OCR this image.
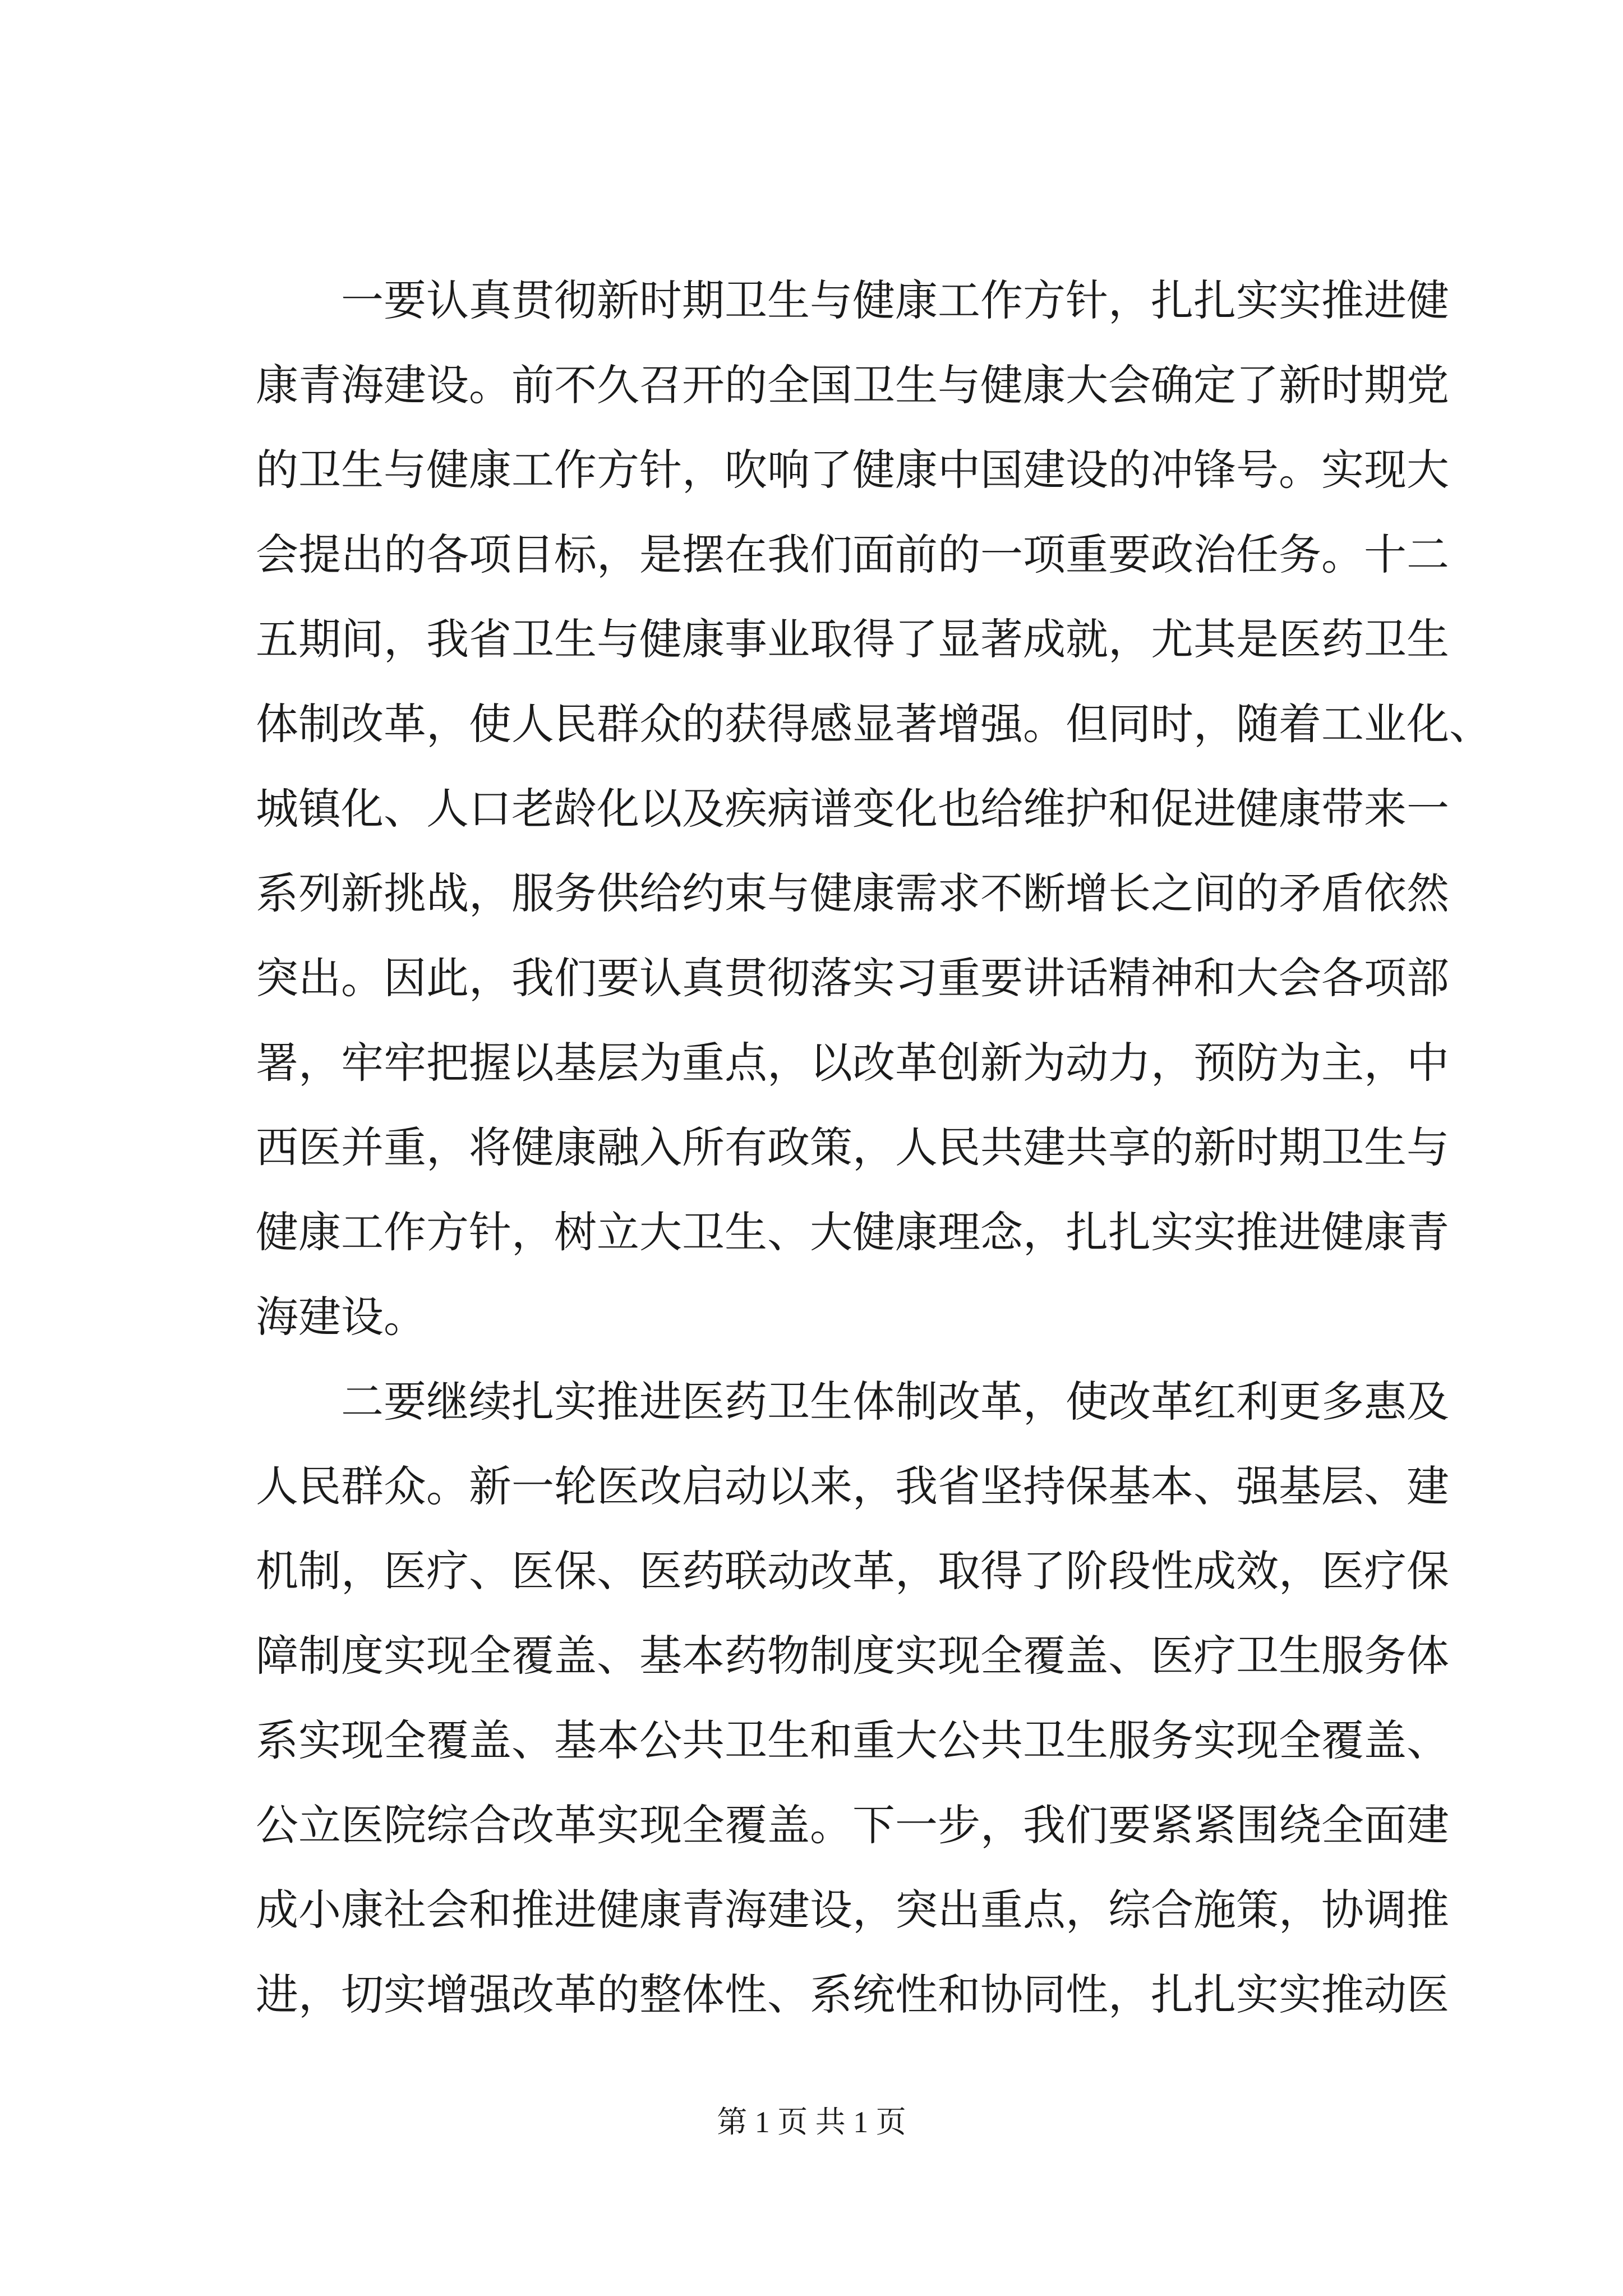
一要认真贯彻新时期卫生与健康工作方针，扎扎实实推进健
康青海建设。前不久召开的全国卫生与健康大会确定了新时期党
的卫生与健康工作方针，吹响了健康中国建设的冲锋号。实现大
会提出的各项目标，是摆在我们面前的一项重要政治任务。十二
五期间，我省卫生与健康事业取得了显著成就，尤其是医药卫生
体制改革，使人民群众的获得感显著增强。但同时，随着工业化、
城镇化、人口老龄化以及疾病谱变化也给维护和促进健康带来一
系列新挑战，服务供给约束与健康需求不断增长之间的矛盾依然
突出。因此，我们要认真贯彻落实习重要讲话精神和大会各项部
署，牢牢把握以基层为重点，以改革创新为动力，预防为主，中
西医并重，将健康融入所有政策，人民共建共享的新时期卫生与
健康工作方针，树立大卫生、大健康理念，扎扎实实推进健康青
海建设。
二要继续扎实推进医药卫生体制改革，使改革红利更多惠及
人民群众。新一轮医改启动以来，我省坚持保基本、强基层、建
机制，医疗、医保、医药联动改革，取得了阶段性成效，医疗保
障制度实现全覆盖、基本药物制度实现全覆盖、医疗卫生服务体
系实现全覆盖、基本公共卫生和重大公共卫生服务实现全覆盖、
公立医院综合改革实现全覆盖。下一步，我们要紧紧围绕全面建
成小康社会和推进健康青海建设，突出重点，综合施策，协调推
进，切实增强改革的整体性、系统性和协同性，扎扎实实推动医
第 1 页 共 1 页
